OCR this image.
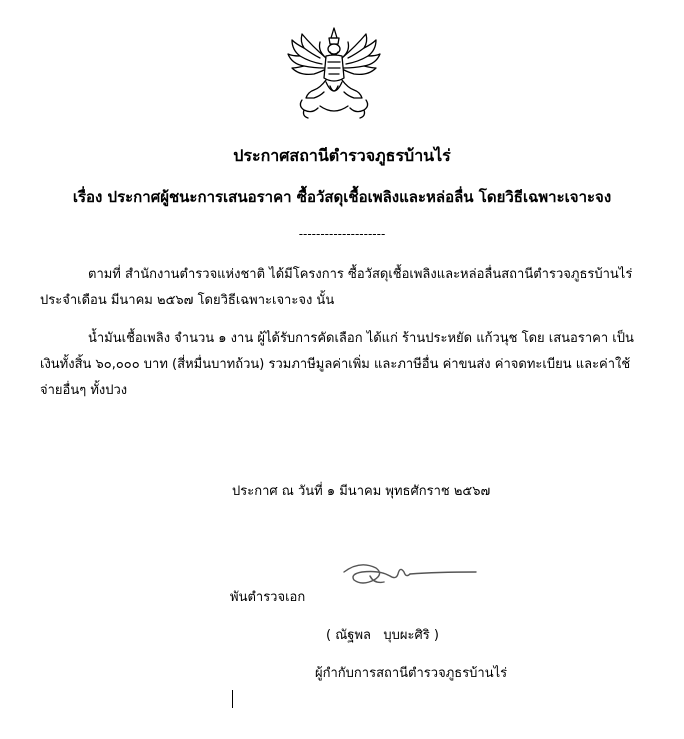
ประกาศสถานีตำรวจภูธรบ้านไร่
เรื่อง ประกาศผู้ชนะการเสนอราคา ซื้อวัสดุเชื้อเพลิงและหล่อลื่น โดยวิธีเฉพาะเจาะจง
--------------------
ตามที่ สำนักงานตำรวจแห่งชาติ ได้มีโครงการ ซื้อวัสดุเชื้อเพลิงและหล่อลื่นสถานีตำรวจภูธรบ้านไร่ ประจำเดือน มีนาคม ๒๕๖๗ โดยวิธีเฉพาะเจาะจง นั้น
น้ำมันเชื้อเพลิง จำนวน ๑ งาน ผู้ได้รับการคัดเลือก ได้แก่ ร้านประหยัด แก้วนุช โดย เสนอราคา เป็นเงินทั้งสิ้น ๖๐,๐๐๐ บาท (สี่หมื่นบาทถ้วน) รวมภาษีมูลค่าเพิ่ม และภาษีอื่น ค่าขนส่ง ค่าจดทะเบียน และค่าใช้จ่ายอื่นๆ ทั้งปวง
ประกาศ ณ วันที่ ๑ มีนาคม พุทธศักราช ๒๕๖๗
พันตำรวจเอก
( ณัฐพล   บุบผะศิริ )
ผู้กำกับการสถานีตำรวจภูธรบ้านไร่
